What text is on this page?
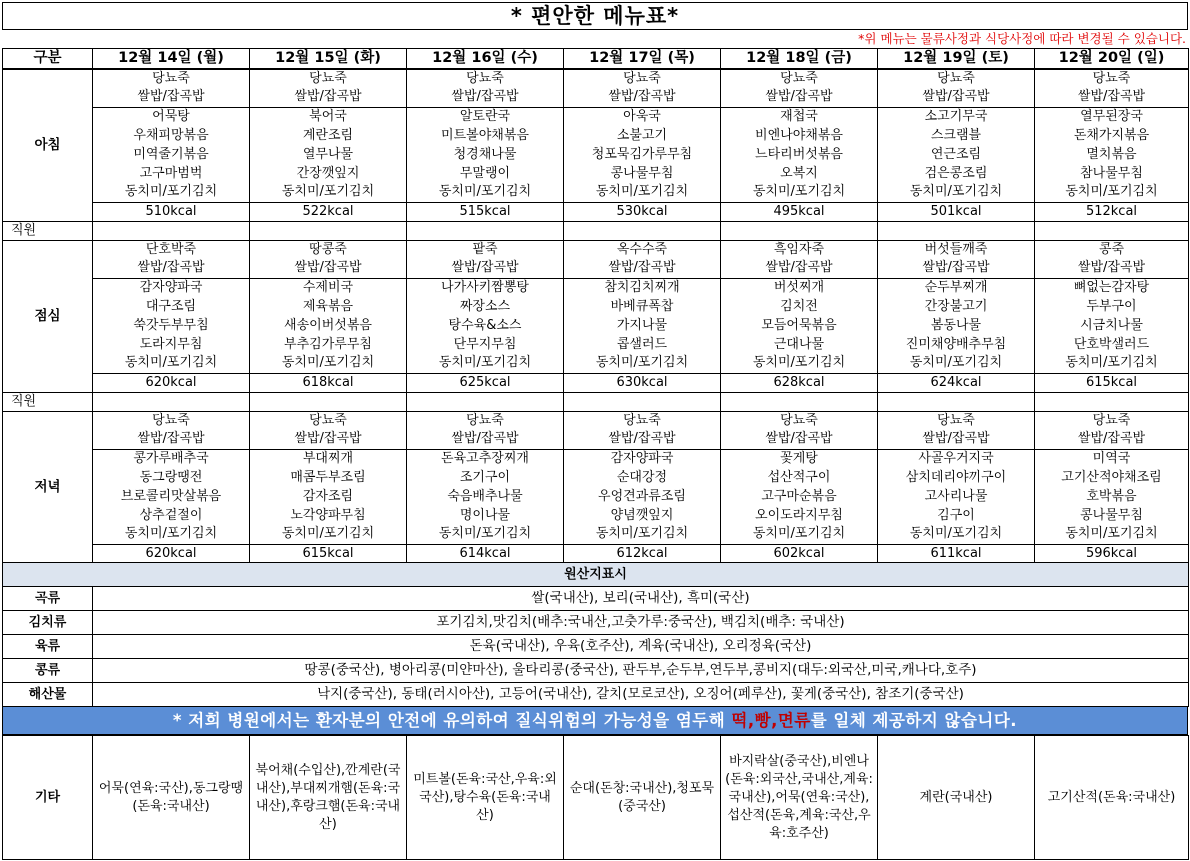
* 편안한 메뉴표*
*위 메뉴는 물류사정과 식당사정에 따라 변경될 수 있습니다.
구분	12월 14일 (월)	12월 15일 (화)	12월 16일 (수)	12월 17일 (목)	12월 18일 (금)	12월 19일 (토)	12월 20일 (일)
아침	당뇨죽	당뇨죽	당뇨죽	당뇨죽	당뇨죽	당뇨죽	당뇨죽
	쌀밥/잡곡밥	쌀밥/잡곡밥	쌀밥/잡곡밥	쌀밥/잡곡밥	쌀밥/잡곡밥	쌀밥/잡곡밥	쌀밥/잡곡밥
	어묵탕	북어국	알토란국	아욱국	재첩국	소고기무국	열무된장국
	우채피망볶음	계란조림	미트볼야채볶음	소불고기	비엔나야채볶음	스크램블	돈채가지볶음
	미역줄기볶음	열무나물	청경채나물	청포묵김가루무침	느타리버섯볶음	연근조림	멸치볶음
	고구마범벅	간장깻잎지	무말랭이	콩나물무침	오복지	검은콩조림	참나물무침
	동치미/포기김치	동치미/포기김치	동치미/포기김치	동치미/포기김치	동치미/포기김치	동치미/포기김치	동치미/포기김치
	510kcal	522kcal	515kcal	530kcal	495kcal	501kcal	512kcal
직원							
점심	단호박죽	땅콩죽	팥죽	옥수수죽	흑임자죽	버섯들깨죽	콩죽
	쌀밥/잡곡밥	쌀밥/잡곡밥	쌀밥/잡곡밥	쌀밥/잡곡밥	쌀밥/잡곡밥	쌀밥/잡곡밥	쌀밥/잡곡밥
	감자양파국	수제비국	나가사키짬뽕탕	참치김치찌개	버섯찌개	순두부찌개	뼈없는감자탕
	대구조림	제육볶음	짜장소스	바베큐폭찹	김치전	간장불고기	두부구이
	쑥갓두부무침	새송이버섯볶음	탕수육&소스	가지나물	모듬어묵볶음	봄동나물	시금치나물
	도라지무침	부추김가루무침	단무지무침	콥샐러드	근대나물	진미채양배추무침	단호박샐러드
	동치미/포기김치	동치미/포기김치	동치미/포기김치	동치미/포기김치	동치미/포기김치	동치미/포기김치	동치미/포기김치
	620kcal	618kcal	625kcal	630kcal	628kcal	624kcal	615kcal
직원							
저녁	당뇨죽	당뇨죽	당뇨죽	당뇨죽	당뇨죽	당뇨죽	당뇨죽
	쌀밥/잡곡밥	쌀밥/잡곡밥	쌀밥/잡곡밥	쌀밥/잡곡밥	쌀밥/잡곡밥	쌀밥/잡곡밥	쌀밥/잡곡밥
	콩가루배추국	부대찌개	돈육고추장찌개	감자양파국	꽃게탕	사골우거지국	미역국
	동그랑땡전	매콤두부조림	조기구이	순대강정	섭산적구이	삼치데리야끼구이	고기산적야채조림
	브로콜리맛살볶음	감자조림	숙음배추나물	우엉견과류조림	고구마순볶음	고사리나물	호박볶음
	상추겉절이	노각양파무침	명이나물	양념깻잎지	오이도라지무침	김구이	콩나물무침
	동치미/포기김치	동치미/포기김치	동치미/포기김치	동치미/포기김치	동치미/포기김치	동치미/포기김치	동치미/포기김치
	620kcal	615kcal	614kcal	612kcal	602kcal	611kcal	596kcal
원산지표시	
곡류	쌀(국내산), 보리(국내산), 흑미(국산)
김치류	포기김치,맛김치(배추:국내산,고춧가루:중국산), 백김치(배추: 국내산)
육류	돈육(국내산), 우육(호주산), 계육(국내산), 오리정육(국산)
콩류	땅콩(중국산), 병아리콩(미얀마산), 울타리콩(중국산), 판두부,순두부,연두부,콩비지(대두:외국산,미국,캐나다,호주)
해산물	낙지(중국산), 동태(러시아산), 고등어(국내산), 갈치(모로코산), 오징어(페루산), 꽃게(중국산), 참조기(중국산)
* 저희 병원에서는 환자분의 안전에 유의하여 질식위험의 가능성을 염두해 떡,빵,면류를 일체 제공하지 않습니다.
기타	어묵(연육:국산),동그랑땡(돈육:국내산)	북어채(수입산),깐계란(국내산),부대찌개햄(돈육:국내산),후랑크햄(돈육:국내산)	미트볼(돈육:국산,우육:외국산),탕수육(돈육:국내산)	순대(돈창:국내산),청포묵(중국산)	바지락살(중국산),비엔나(돈육:외국산,국내산,계육:국내산),어묵(연육:국산),섭산적(돈육,계육:국산,우육:호주산)	계란(국내산)	고기산적(돈육:국내산)
